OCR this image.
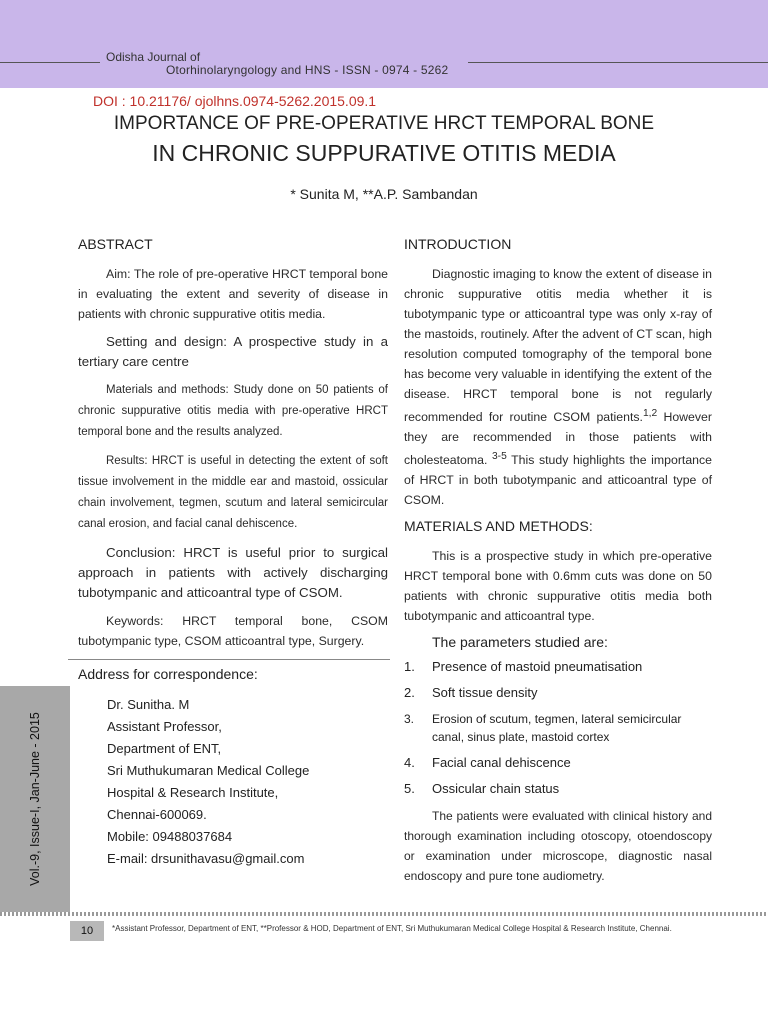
Odisha Journal of
Otorhinolaryngology and HNS - ISSN - 0974 - 5262
DOI : 10.21176/ ojolhns.0974-5262.2015.09.1
IMPORTANCE OF PRE-OPERATIVE HRCT TEMPORAL BONE
IN CHRONIC SUPPURATIVE OTITIS MEDIA
* Sunita M, **A.P. Sambandan
ABSTRACT

Aim: The role of pre-operative HRCT temporal bone in evaluating the extent and severity of disease in patients with chronic suppurative otitis media.

Setting and design: A prospective study in a tertiary care centre

Materials and methods: Study done on 50 patients of chronic suppurative otitis media with pre-operative HRCT temporal bone and the results analyzed.

Results: HRCT is useful in detecting the extent of soft tissue involvement in the middle ear and mastoid, ossicular chain involvement, tegmen, scutum and lateral semicircular canal erosion, and facial canal dehiscence.

Conclusion: HRCT is useful prior to surgical approach in patients with actively discharging tubotympanic and atticoantral type of CSOM.

Keywords: HRCT temporal bone, CSOM tubotympanic type, CSOM atticoantral type, Surgery.

Address for correspondence:
Dr. Sunitha. M
Assistant Professor,
Department of ENT,
Sri Muthukumaran Medical College
Hospital & Research Institute,
Chennai-600069.
Mobile: 09488037684
E-mail: drsunithavasu@gmail.com
INTRODUCTION

Diagnostic imaging to know the extent of disease in chronic suppurative otitis media whether it is tubotympanic type or atticoantral type was only x-ray of the mastoids, routinely. After the advent of CT scan, high resolution computed tomography of the temporal bone has become very valuable in identifying the extent of the disease. HRCT temporal bone is not regularly recommended for routine CSOM patients.$^{1,2}$ However they are recommended in those patients with cholesteatoma. $^{3-5}$ This study highlights the importance of HRCT in both tubotympanic and atticoantral type of CSOM.

MATERIALS AND METHODS:

This is a prospective study in which pre-operative HRCT temporal bone with 0.6mm cuts was done on 50 patients with chronic suppurative otitis media both tubotympanic and atticoantral type.

The parameters studied are:
1.	Presence of mastoid pneumatisation
2.	Soft tissue density
3.	Erosion of scutum, tegmen, lateral semicircular canal, sinus plate, mastoid cortex
4.	Facial canal dehiscence
5.	Ossicular chain status

The patients were evaluated with clinical history and thorough examination including otoscopy, otoendoscopy or examination under microscope, diagnostic nasal endoscopy and pure tone audiometry.

Vol.-9, Issue-I, Jan-June - 2015
10	*Assistant Professor, Department of ENT, **Professor & HOD, Department of ENT, Sri Muthukumaran Medical College Hospital & Research Institute, Chennai.
